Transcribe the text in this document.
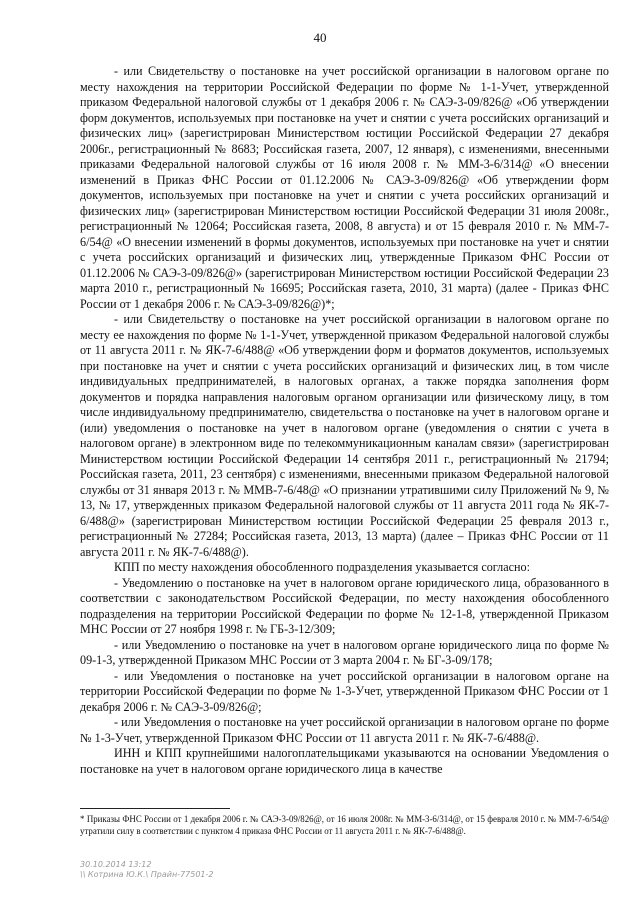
40

- или Свидетельству о постановке на учет российской организации в налоговом органе по месту нахождения на территории Российской Федерации по форме № 1-1-Учет, утвержденной приказом Федеральной налоговой службы от 1 декабря 2006 г. № САЭ-3-09/826@ «Об утверждении форм документов, используемых при постановке на учет и снятии с учета российских организаций и физических лиц» (зарегистрирован Министерством юстиции Российской Федерации 27 декабря 2006г., регистрационный № 8683; Российская газета, 2007, 12 января), с изменениями, внесенными приказами Федеральной налоговой службы от 16 июля 2008 г. № ММ-3-6/314@ «О внесении изменений в Приказ ФНС России от 01.12.2006 № САЭ-3-09/826@ «Об утверждении форм документов, используемых при постановке на учет и снятии с учета российских организаций и физических лиц» (зарегистрирован Министерством юстиции Российской Федерации 31 июля 2008г., регистрационный № 12064; Российская газета, 2008, 8 августа) и от 15 февраля 2010 г. № ММ-7-6/54@ «О внесении изменений в формы документов, используемых при постановке на учет и снятии с учета российских организаций и физических лиц, утвержденные Приказом ФНС России от 01.12.2006 № САЭ-3-09/826@» (зарегистрирован Министерством юстиции Российской Федерации 23 марта 2010 г., регистрационный № 16695; Российская газета, 2010, 31 марта) (далее - Приказ ФНС России от 1 декабря 2006 г. № САЭ-3-09/826@)*;

- или Свидетельству о постановке на учет российской организации в налоговом органе по месту ее нахождения по форме № 1-1-Учет, утвержденной приказом Федеральной налоговой службы от 11 августа 2011 г. № ЯК-7-6/488@ «Об утверждении форм и форматов документов, используемых при постановке на учет и снятии с учета российских организаций и физических лиц, в том числе индивидуальных предпринимателей, в налоговых органах, а также порядка заполнения форм документов и порядка направления налоговым органом организации или физическому лицу, в том числе индивидуальному предпринимателю, свидетельства о постановке на учет в налоговом органе и (или) уведомления о постановке на учет в налоговом органе (уведомления о снятии с учета в налоговом органе) в электронном виде по телекоммуникационным каналам связи» (зарегистрирован Министерством юстиции Российской Федерации 14 сентября 2011 г., регистрационный № 21794; Российская газета, 2011, 23 сентября) с изменениями, внесенными приказом Федеральной налоговой службы от 31 января 2013 г. № ММВ-7-6/48@ «О признании утратившими силу Приложений № 9, № 13, № 17, утвержденных приказом Федеральной налоговой службы от 11 августа 2011 года № ЯК-7-6/488@» (зарегистрирован Министерством юстиции Российской Федерации 25 февраля 2013 г., регистрационный № 27284; Российская газета, 2013, 13 марта) (далее – Приказ ФНС России от 11 августа 2011 г. № ЯК-7-6/488@).

КПП по месту нахождения обособленного подразделения указывается согласно:

- Уведомлению о постановке на учет в налоговом органе юридического лица, образованного в соответствии с законодательством Российской Федерации, по месту нахождения обособленного подразделения на территории Российской Федерации по форме № 12-1-8, утвержденной Приказом МНС России от 27 ноября 1998 г. № ГБ-3-12/309;

- или Уведомлению о постановке на учет в налоговом органе юридического лица по форме № 09-1-3, утвержденной Приказом МНС России от 3 марта 2004 г. № БГ-3-09/178;

- или Уведомления о постановке на учет российской организации в налоговом органе на территории Российской Федерации по форме № 1-3-Учет, утвержденной Приказом ФНС России от 1 декабря 2006 г. № САЭ-3-09/826@;

- или Уведомления о постановке на учет российской организации в налоговом органе по форме № 1-3-Учет, утвержденной Приказом ФНС России от 11 августа 2011 г. № ЯК-7-6/488@.

ИНН и КПП крупнейшими налогоплательщиками указываются на основании Уведомления о постановке на учет в налоговом органе юридического лица в качестве

* Приказы ФНС России от 1 декабря 2006 г. № САЭ-3-09/826@, от 16 июля 2008г. № ММ-3-6/314@, от 15 февраля 2010 г. № ММ-7-6/54@ утратили силу в соответствии с пунктом 4 приказа ФНС России от 11 августа 2011 г. № ЯК-7-6/488@.
30.10.2014 13:12
\\ Котрина Ю.К.\ Прайн-77501-2
